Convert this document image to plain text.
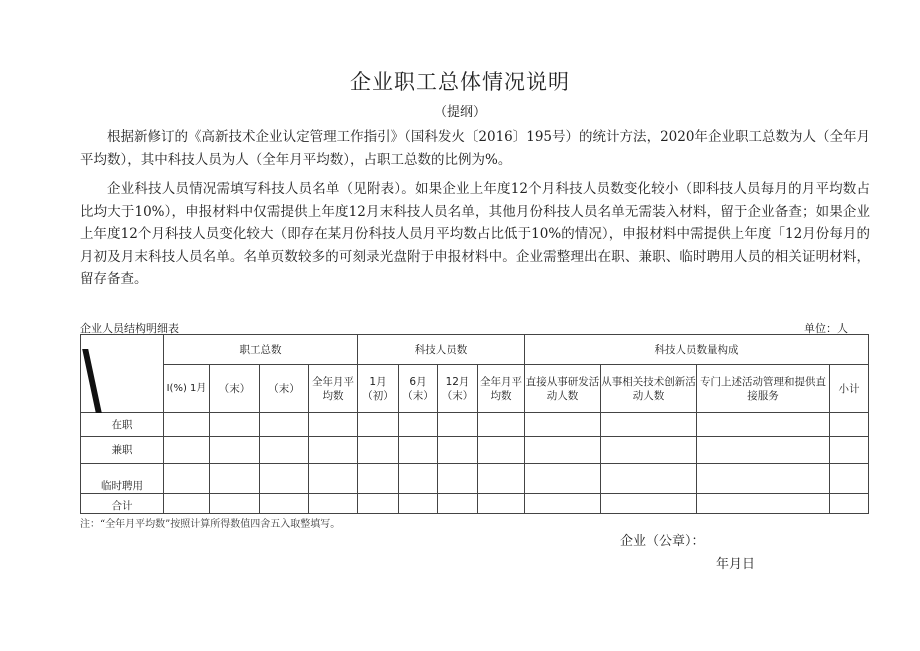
企业职工总体情况说明
（提纲）
根据新修订的《高新技术企业认定管理工作指引》（国科发火〔2016〕195号）的统计方法，2020年企业职工总数为人（全年月平均数），其中科技人员为人（全年月平均数），占职工总数的比例为%。
企业科技人员情况需填写科技人员名单（见附表）。如果企业上年度12个月科技人员数变化较小（即科技人员每月的月平均数占比均大于10%），申报材料中仅需提供上年度12月末科技人员名单，其他月份科技人员名单无需装入材料，留于企业备查；如果企业上年度12个月科技人员变化较大（即存在某月份科技人员月平均数占比低于10%的情况），申报材料中需提供上年度「12月份每月的月初及月末科技人员名单。名单页数较多的可刻录光盘附于申报材料中。企业需整理出在职、兼职、临时聘用人员的相关证明材料，留存备查。
企业人员结构明细表	单位：人
	职工总数				科技人员数				科技人员数量构成			
	I(%) 1月	（末）	（末）	全年月平均数	1月（初）	6月（末）	12月（末）	全年月平均数	直接从事研发活动人数	从事相关技术创新活动人数	专门上述活动管理和提供直接服务	小计
在职												
兼职												
临时聘用												
合计												
注：“全年月平均数”按照计算所得数值四舍五入取整填写。
企业（公章）：
年月日
